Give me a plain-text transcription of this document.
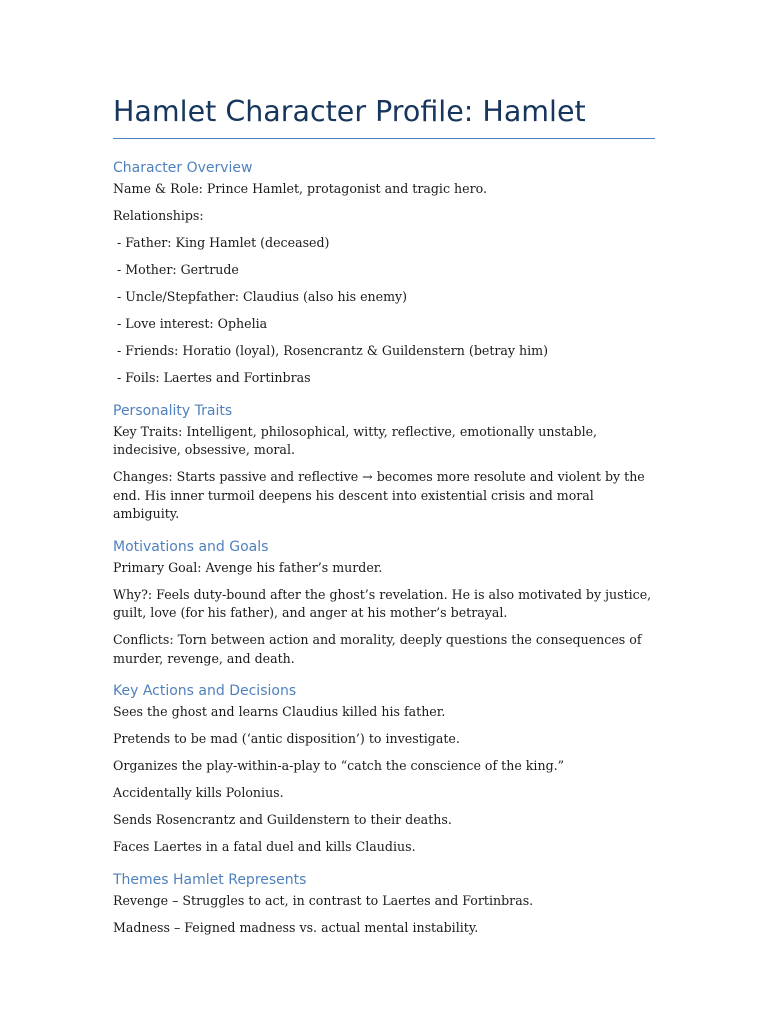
Hamlet Character Profile: Hamlet
Character Overview

Name & Role: Prince Hamlet, protagonist and tragic hero.

Relationships:

- Father: King Hamlet (deceased)

- Mother: Gertrude

- Uncle/Stepfather: Claudius (also his enemy)

- Love interest: Ophelia

- Friends: Horatio (loyal), Rosencrantz & Guildenstern (betray him)

- Foils: Laertes and Fortinbras

Personality Traits

Key Traits: Intelligent, philosophical, witty, reflective, emotionally unstable, indecisive, obsessive, moral.

Changes: Starts passive and reflective → becomes more resolute and violent by the end. His inner turmoil deepens his descent into existential crisis and moral ambiguity.

Motivations and Goals

Primary Goal: Avenge his father’s murder.

Why?: Feels duty-bound after the ghost’s revelation. He is also motivated by justice, guilt, love (for his father), and anger at his mother’s betrayal.

Conflicts: Torn between action and morality, deeply questions the consequences of murder, revenge, and death.

Key Actions and Decisions

Sees the ghost and learns Claudius killed his father.

Pretends to be mad (‘antic disposition’) to investigate.

Organizes the play-within-a-play to “catch the conscience of the king.”

Accidentally kills Polonius.

Sends Rosencrantz and Guildenstern to their deaths.

Faces Laertes in a fatal duel and kills Claudius.

Themes Hamlet Represents

Revenge – Struggles to act, in contrast to Laertes and Fortinbras.

Madness – Feigned madness vs. actual mental instability.
